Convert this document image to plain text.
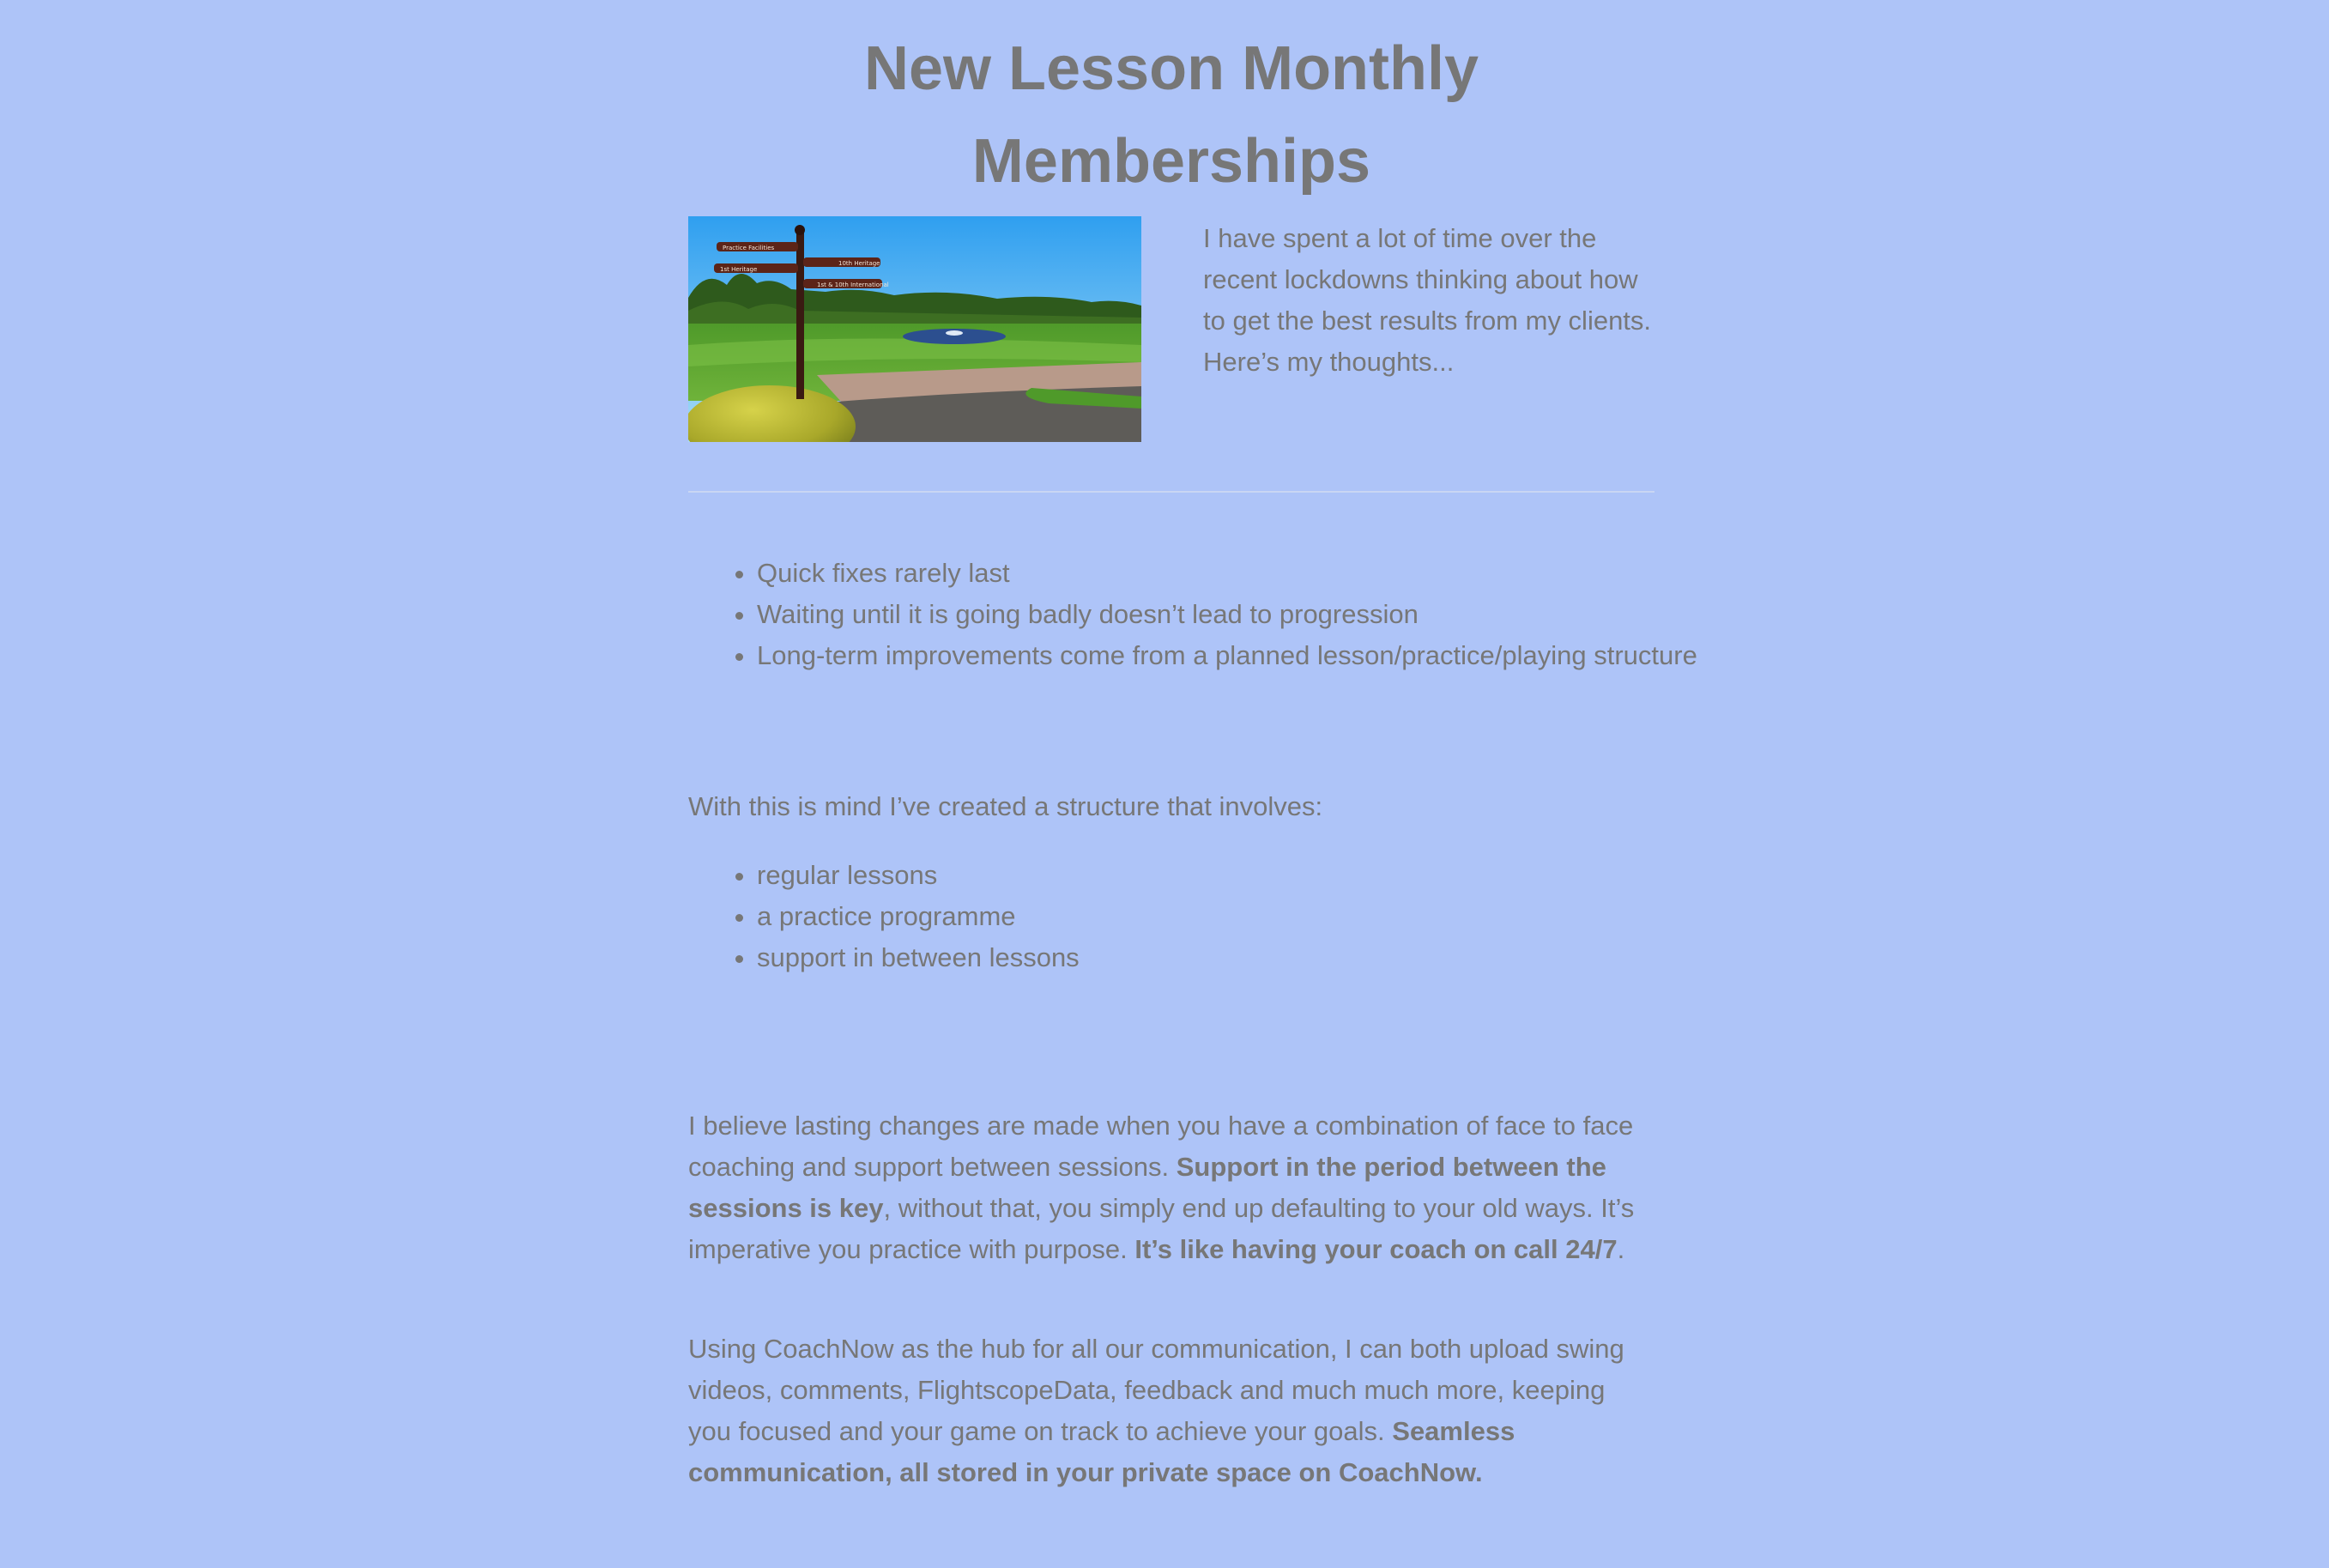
New Lesson Monthly
Memberships
Practice Facilities
1st Heritage
10th Heritage
1st & 10th International

I have spent a lot of time over the recent lockdowns thinking about how to get the best results from my clients. Here’s my thoughts...

• Quick fixes rarely last
• Waiting until it is going badly doesn’t lead to progression
• Long-term improvements come from a planned lesson/practice/playing structure

With this is mind I’ve created a structure that involves:

• regular lessons
• a practice programme
• support in between lessons

I believe lasting changes are made when you have a combination of face to face coaching and support between sessions. Support in the period between the sessions is key, without that, you simply end up defaulting to your old ways. It’s imperative you practice with purpose. It’s like having your coach on call 24/7.

Using CoachNow as the hub for all our communication, I can both upload swing videos, comments, FlightscopeData, feedback and much much more, keeping you focused and your game on track to achieve your goals. Seamless communication, all stored in your private space on CoachNow.
